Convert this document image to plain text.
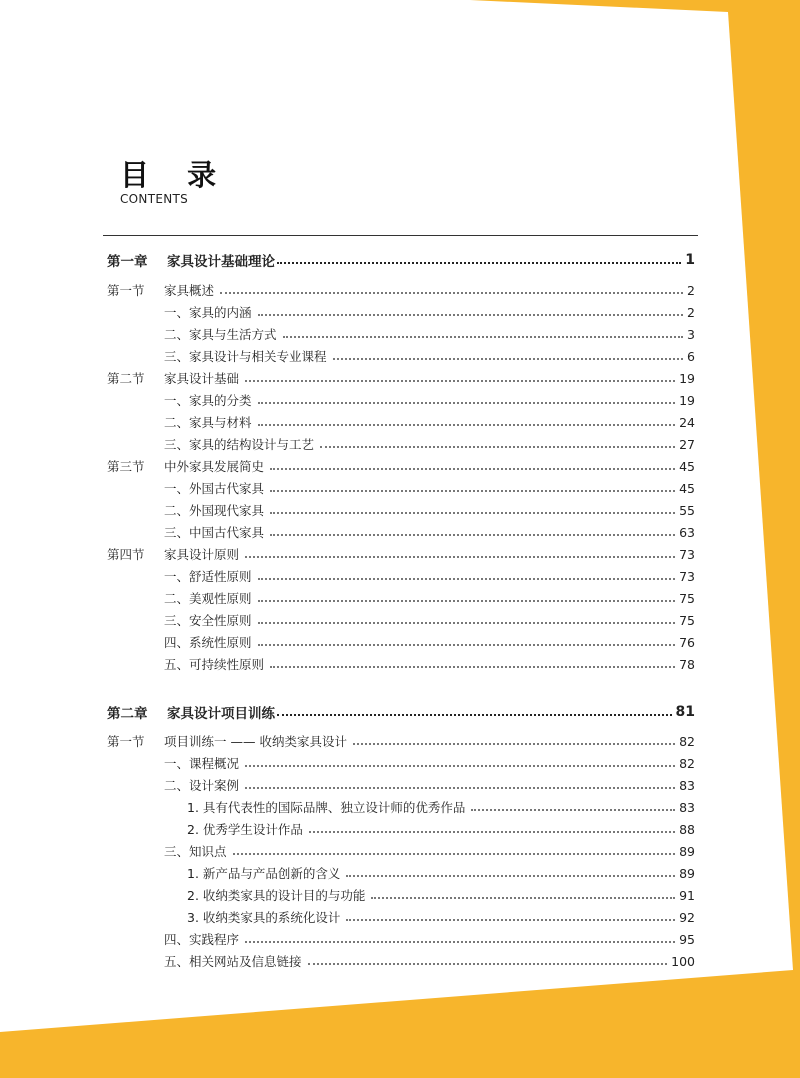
目 录
CONTENTS
第一章 家具设计基础理论	1
第一节 家具概述	2
一、家具的内涵	2
二、家具与生活方式	3
三、家具设计与相关专业课程	6
第二节 家具设计基础	19
一、家具的分类	19
二、家具与材料	24
三、家具的结构设计与工艺	27
第三节 中外家具发展简史	45
一、外国古代家具	45
二、外国现代家具	55
三、中国古代家具	63
第四节 家具设计原则	73
一、舒适性原则	73
二、美观性原则	75
三、安全性原则	75
四、系统性原则	76
五、可持续性原则	78
第二章 家具设计项目训练	81
第一节 项目训练一 —— 收纳类家具设计	82
一、课程概况	82
二、设计案例	83
1. 具有代表性的国际品牌、独立设计师的优秀作品	83
2. 优秀学生设计作品	88
三、知识点	89
1. 新产品与产品创新的含义	89
2. 收纳类家具的设计目的与功能	91
3. 收纳类家具的系统化设计	92
四、实践程序	95
五、相关网站及信息链接	100
